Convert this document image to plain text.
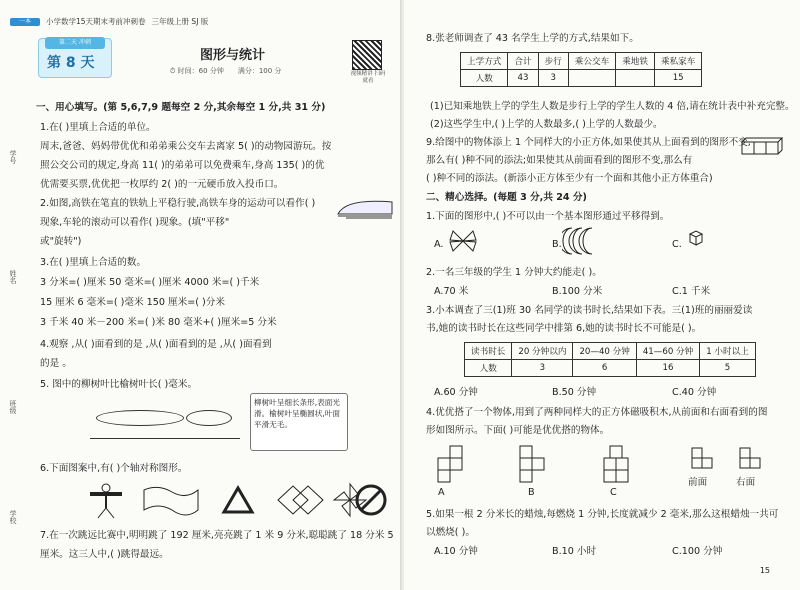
一本	小学数学15天期末考前冲刺卷 三年级上册 SJ 版
第二天 冲刺
第 8 天	图形与统计
⏱ 时间：60 分钟 满分：100 分	视频精讲 扫码就看
学号
姓名
班级
学校
一、用心填写。(第 5,6,7,9 题每空 2 分,其余每空 1 分,共 31 分)
1.在( )里填上合适的单位。
周末,爸爸、妈妈带优优和弟弟乘公交车去离家 5( )的动物园游玩。按
照公交公司的规定,身高 11( )的弟弟可以免费乘车,身高 135( )的优
优需要买票,优优把一枚厚约 2( )的一元硬币放入投币口。
2.如图,高铁在笔直的铁轨上平稳行驶,高铁车身的运动可以看作( )
现象,车轮的滚动可以看作( )现象。(填"平移"
或"旋转")
3.在( )里填上合适的数。
3 分米=( )厘米 50 毫米=( )厘米 4000 米=( )千米
15 厘米 6 毫米=( )毫米 150 厘米=( )分米
3 千米 40 米－200 米=( )米 80 毫米+( )厘米=5 分米
4.观察 ,从( )面看到的是 ,从( )面看到的是 ,从( )面看到
的是 。
5. 图中的柳树叶比榆树叶长( )毫米。
柳树叶呈细长条形,表面光滑。榆树叶呈椭圆状,叶面平滑无毛。
6.下面图案中,有( )个轴对称图形。
7.在一次跳远比赛中,明明跳了 192 厘米,亮亮跳了 1 米 9 分米,聪聪跳了 18 分米 5
厘米。这三人中,( )跳得最远。
8.张老师调查了 43 名学生上学的方式,结果如下。
上学方式	合计	步行	乘公交车	乘地铁	乘私家车
人数	43	3			15
(1)已知乘地铁上学的学生人数是步行上学的学生人数的 4 倍,请在统计表中补充完整。
(2)这些学生中,( )上学的人数最多,( )上学的人数最少。
9.给图中的物体添上 1 个同样大的小正方体,如果使其从上面看到的图形不变,
那么有( )种不同的添法;如果使其从前面看到的图形不变,那么有
( )种不同的添法。(新添小正方体至少有一个面和其他小正方体重合)
二、精心选择。(每题 3 分,共 24 分)
1.下面的图形中,( )不可以由一个基本图形通过平移得到。
A.	B.	C.
2.一名三年级的学生 1 分钟大约能走( )。
A.70 米	B.100 分米	C.1 千米
3.小本调查了三(1)班 30 名同学的读书时长,结果如下表。三(1)班的丽丽爱读
书,她的读书时长在这些同学中排第 6,她的读书时长不可能是( )。
读书时长	20 分钟以内	20—40 分钟	41—60 分钟	1 小时以上
人数	3	6	16	5
A.60 分钟	B.50 分钟	C.40 分钟
4.优优搭了一个物体,用到了两种同样大的正方体磁吸积木,从前面和右面看到的图
形如图所示。下面( )可能是优优搭的物体。
A	B	C
前面	右面
5.如果一根 2 分米长的蜡烛,每燃烧 1 分钟,长度就减少 2 毫米,那么这根蜡烛一共可
以燃烧( )。
A.10 分钟	B.10 小时	C.100 分钟
15
